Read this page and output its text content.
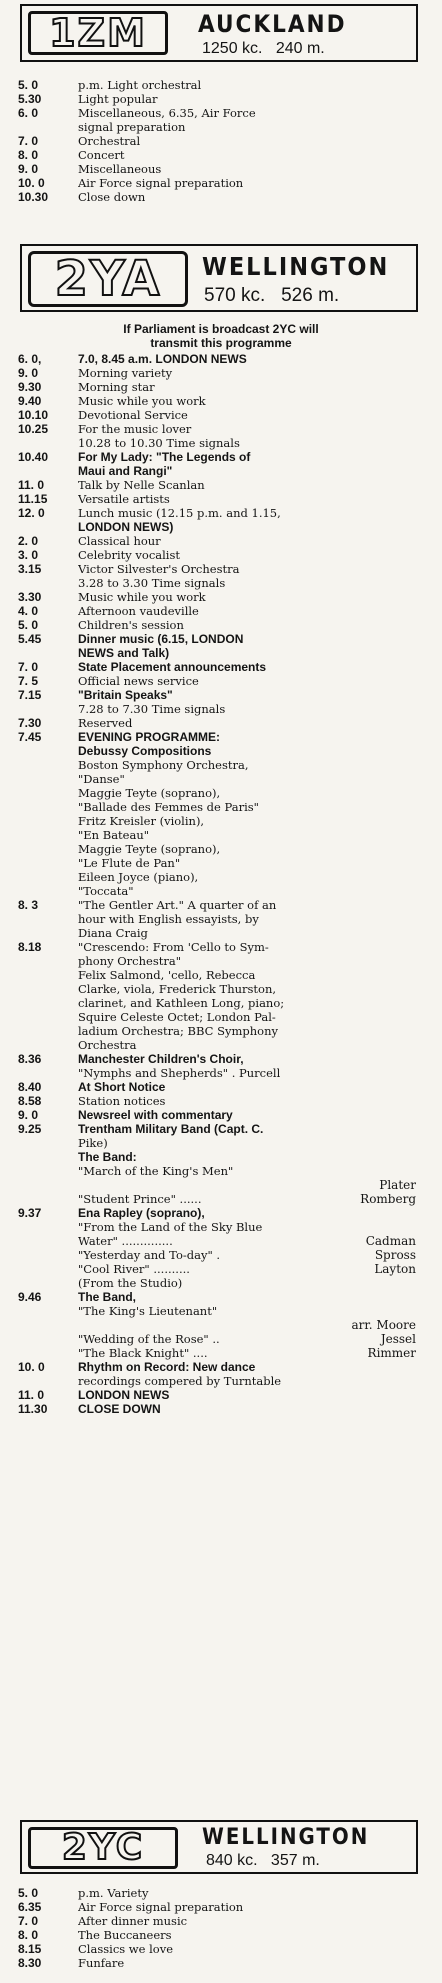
1ZM AUCKLAND
1250 kc.   240 m.
5. 0	p.m. Light orchestral
5.30	Light popular
6. 0	Miscellaneous, 6.35, Air Force
signal preparation
7. 0	Orchestral
8. 0	Concert
9. 0	Miscellaneous
10. 0	Air Force signal preparation
10.30	Close down
2YA WELLINGTON
570 kc.   526 m.
If Parliament is broadcast 2YC will
transmit this programme
6. 0,	7.0, 8.45 a.m. LONDON NEWS
9. 0	Morning variety
9.30	Morning star
9.40	Music while you work
10.10	Devotional Service
10.25	For the music lover
10.28 to 10.30 Time signals
10.40	For My Lady: "The Legends of
Maui and Rangi"
11. 0	Talk by Nelle Scanlan
11.15	Versatile artists
12. 0	Lunch music (12.15 p.m. and 1.15,
LONDON NEWS)
2. 0	Classical hour
3. 0	Celebrity vocalist
3.15	Victor Silvester's Orchestra
3.28 to 3.30 Time signals
3.30	Music while you work
4. 0	Afternoon vaudeville
5. 0	Children's session
5.45	Dinner music (6.15, LONDON
NEWS and Talk)
7. 0	State Placement announcements
7. 5	Official news service
7.15	"Britain Speaks"
7.28 to 7.30 Time signals
7.30	Reserved
7.45	EVENING PROGRAMME:
Debussy Compositions
Boston Symphony Orchestra,
"Danse"
Maggie Teyte (soprano),
"Ballade des Femmes de Paris"
Fritz Kreisler (violin),
"En Bateau"
Maggie Teyte (soprano),
"Le Flute de Pan"
Eileen Joyce (piano),
"Toccata"
8. 3	"The Gentler Art." A quarter of an
hour with English essayists, by
Diana Craig
8.18	"Crescendo: From 'Cello to Sym-
phony Orchestra"
Felix Salmond, 'cello, Rebecca
Clarke, viola, Frederick Thurston,
clarinet, and Kathleen Long, piano;
Squire Celeste Octet; London Pal-
ladium Orchestra; BBC Symphony
Orchestra
8.36	Manchester Children's Choir,
"Nymphs and Shepherds" . Purcell
8.40	At Short Notice
8.58	Station notices
9. 0	Newsreel with commentary
9.25	Trentham Military Band (Capt. C.
Pike)
The Band:
"March of the King's Men"
Plater
"Student Prince" ......	Romberg
9.37	Ena Rapley (soprano),
"From the Land of the Sky Blue
Water" ..............	Cadman
"Yesterday and To-day" .	Spross
"Cool River" ..........	Layton
(From the Studio)
9.46	The Band,
"The King's Lieutenant"
arr. Moore
"Wedding of the Rose" ..	Jessel
"The Black Knight" ....	Rimmer
10. 0	Rhythm on Record: New dance
recordings compered by Turntable
11. 0	LONDON NEWS
11.30	CLOSE DOWN
2YC	WELLINGTON
840 kc.   357 m.
5. 0	p.m. Variety
6.35	Air Force signal preparation
7. 0	After dinner music
8. 0	The Buccaneers
8.15	Classics we love
8.30	Funfare
